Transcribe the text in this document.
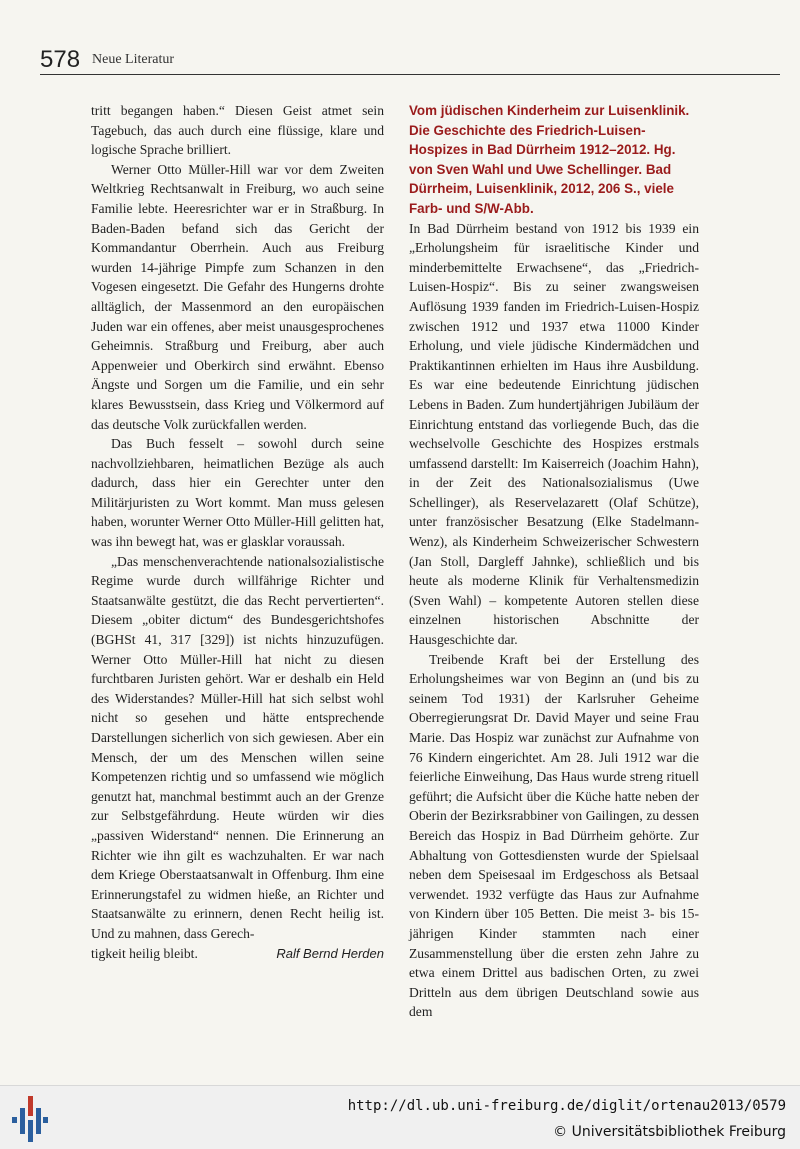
578 Neue Literatur

tritt begangen haben.“ Diesen Geist atmet sein Tagebuch, das auch durch eine flüssige, klare und logische Sprache brilliert.

Werner Otto Müller-Hill war vor dem Zweiten Weltkrieg Rechtsanwalt in Freiburg, wo auch seine Familie lebte. Heeresrichter war er in Straßburg. In Baden-Baden befand sich das Gericht der Kommandantur Oberrhein. Auch aus Freiburg wurden 14-jährige Pimpfe zum Schanzen in den Vogesen eingesetzt. Die Gefahr des Hungerns drohte alltäglich, der Massenmord an den europäischen Juden war ein offenes, aber meist unausgesprochenes Geheimnis. Straßburg und Freiburg, aber auch Appenweier und Oberkirch sind erwähnt. Ebenso Ängste und Sorgen um die Familie, und ein sehr klares Bewusstsein, dass Krieg und Völkermord auf das deutsche Volk zurückfallen werden.

Das Buch fesselt – sowohl durch seine nachvollziehbaren, heimatlichen Bezüge als auch dadurch, dass hier ein Gerechter unter den Militärjuristen zu Wort kommt. Man muss gelesen haben, worunter Werner Otto Müller-Hill gelitten hat, was ihn bewegt hat, was er glasklar voraussah.

„Das menschenverachtende nationalsozialistische Regime wurde durch willfährige Richter und Staatsanwälte gestützt, die das Recht pervertierten“. Diesem „obiter dictum“ des Bundesgerichtshofes (BGHSt 41, 317 [329]) ist nichts hinzuzufügen. Werner Otto Müller-Hill hat nicht zu diesen furchtbaren Juristen gehört. War er deshalb ein Held des Widerstandes? Müller-Hill hat sich selbst wohl nicht so gesehen und hätte entsprechende Darstellungen sicherlich von sich gewiesen. Aber ein Mensch, der um des Menschen willen seine Kompetenzen richtig und so umfassend wie möglich genutzt hat, manchmal bestimmt auch an der Grenze zur Selbstgefährdung. Heute würden wir dies „passiven Widerstand“ nennen. Die Erinnerung an Richter wie ihn gilt es wachzuhalten. Er war nach dem Kriege Oberstaatsanwalt in Offenburg. Ihm eine Erinnerungstafel zu widmen hieße, an Richter und Staatsanwälte zu erinnern, denen Recht heilig ist. Und zu mahnen, dass Gerech-

tigkeit heilig bleibt.	Ralf Bernd Herden

Vom jüdischen Kinderheim zur Luisenklinik. Die Geschichte des Friedrich-Luisen-Hospizes in Bad Dürrheim 1912–2012. Hg. von Sven Wahl und Uwe Schellinger. Bad Dürrheim, Luisenklinik, 2012, 206 S., viele Farb- und S/W-Abb.

In Bad Dürrheim bestand von 1912 bis 1939 ein „Erholungsheim für israelitische Kinder und minderbemittelte Erwachsene“, das „Friedrich-Luisen-Hospiz“. Bis zu seiner zwangsweisen Auflösung 1939 fanden im Friedrich-Luisen-Hospiz zwischen 1912 und 1937 etwa 11000 Kinder Erholung, und viele jüdische Kindermädchen und Praktikantinnen erhielten im Haus ihre Ausbildung. Es war eine bedeutende Einrichtung jüdischen Lebens in Baden. Zum hundertjährigen Jubiläum der Einrichtung entstand das vorliegende Buch, das die wechselvolle Geschichte des Hospizes erstmals umfassend darstellt: Im Kaiserreich (Joachim Hahn), in der Zeit des Nationalsozialismus (Uwe Schellinger), als Reservelazarett (Olaf Schütze), unter französischer Besatzung (Elke Stadelmann-Wenz), als Kinderheim Schweizerischer Schwestern (Jan Stoll, Dargleff Jahnke), schließlich und bis heute als moderne Klinik für Verhaltensmedizin (Sven Wahl) – kompetente Autoren stellen diese einzelnen historischen Abschnitte der Hausgeschichte dar.

Treibende Kraft bei der Erstellung des Erholungsheimes war von Beginn an (und bis zu seinem Tod 1931) der Karlsruher Geheime Oberregierungsrat Dr. David Mayer und seine Frau Marie. Das Hospiz war zunächst zur Aufnahme von 76 Kindern eingerichtet. Am 28. Juli 1912 war die feierliche Einweihung, Das Haus wurde streng rituell geführt; die Aufsicht über die Küche hatte neben der Oberin der Bezirksrabbiner von Gailingen, zu dessen Bereich das Hospiz in Bad Dürrheim gehörte. Zur Abhaltung von Gottesdiensten wurde der Spielsaal neben dem Speisesaal im Erdgeschoss als Betsaal verwendet. 1932 verfügte das Haus zur Aufnahme von Kindern über 105 Betten. Die meist 3- bis 15-jährigen Kinder stammten nach einer Zusammenstellung über die ersten zehn Jahre zu etwa einem Drittel aus badischen Orten, zu zwei Dritteln aus dem übrigen Deutschland sowie aus dem

http://dl.ub.uni-freiburg.de/diglit/ortenau2013/0579
© Universitätsbibliothek Freiburg
